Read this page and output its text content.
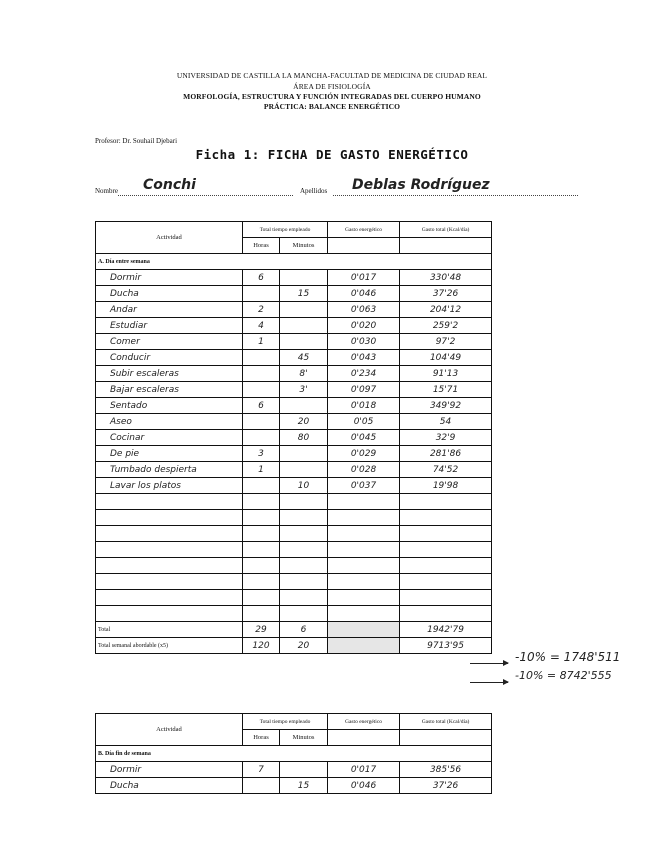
UNIVERSIDAD DE CASTILLA LA MANCHA-FACULTAD DE MEDICINA DE CIUDAD REAL
ÁREA DE FISIOLOGÍA
MORFOLOGÍA, ESTRUCTURA Y FUNCIÓN INTEGRADAS DEL CUERPO HUMANO
PRÁCTICA: BALANCE ENERGÉTICO
Profesor: Dr. Souhail Djebari
Ficha 1: FICHA DE GASTO ENERGÉTICO
Nombre Conchi	Apellidos Deblas Rodríguez
Actividad	Total tiempo empleado		Gasto energético	Gasto total (Kcal/día)
	Horas	Minutos		
A. Día entre semana				
Dormir	6		0'017	330'48
Ducha		15	0'046	37'26
Andar	2		0'063	204'12
Estudiar	4		0'020	259'2
Comer	1		0'030	97'2
Conducir		45	0'043	104'49
Subir escaleras		8'	0'234	91'13
Bajar escaleras		3'	0'097	15'71
Sentado	6		0'018	349'92
Aseo		20	0'05	54
Cocinar		80	0'045	32'9
De pie	3		0'029	281'86
Tumbado despierta	1		0'028	74'52
Lavar los platos		10	0'037	19'98

Total	29	6		1942'79
Total semanal abordable (x5)	120	20		9713'95
Actividad	Total tiempo empleado		Gasto energético	Gasto total (Kcal/día)
	Horas	Minutos		
B. Día fin de semana				
Dormir	7		0'017	385'56
Ducha		15	0'046	37'26
-10% = 1748'511
-10% = 8742'555
